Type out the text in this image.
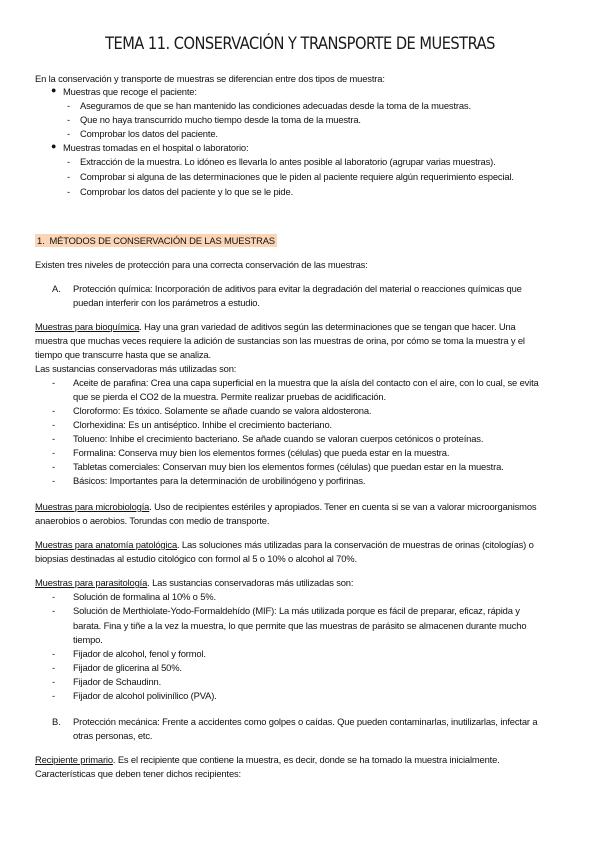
TEMA 11. CONSERVACIÓN Y TRANSPORTE DE MUESTRAS
En la conservación y transporte de muestras se diferencian entre dos tipos de muestra:
● Muestras que recoge el paciente:
- Aseguramos de que se han mantenido las condiciones adecuadas desde la toma de la muestras.
- Que no haya transcurrido mucho tiempo desde la toma de la muestra.
- Comprobar los datos del paciente.
● Muestras tomadas en el hospital o laboratorio:
- Extracción de la muestra. Lo idóneo es llevarla lo antes posible al laboratorio (agrupar varias muestras).
- Comprobar si alguna de las determinaciones que le piden al paciente requiere algún requerimiento especial.
- Comprobar los datos del paciente y lo que se le pide.
1. MÉTODOS DE CONSERVACIÓN DE LAS MUESTRAS
Existen tres niveles de protección para una correcta conservación de las muestras:
A. Protección química: Incorporación de aditivos para evitar la degradación del material o reacciones químicas que
puedan interferir con los parámetros a estudio.
Muestras para bioquímica. Hay una gran variedad de aditivos según las determinaciones que se tengan que hacer. Una
muestra que muchas veces requiere la adición de sustancias son las muestras de orina, por cómo se toma la muestra y el
tiempo que transcurre hasta que se analiza.
Las sustancias conservadoras más utilizadas son:
- Aceite de parafina: Crea una capa superficial en la muestra que la aísla del contacto con el aire, con lo cual, se evita
que se pierda el CO2 de la muestra. Permite realizar pruebas de acidificación.
- Cloroformo: Es tóxico. Solamente se añade cuando se valora aldosterona.
- Clorhexidina: Es un antiséptico. Inhibe el crecimiento bacteriano.
- Tolueno: Inhibe el crecimiento bacteriano. Se añade cuando se valoran cuerpos cetónicos o proteínas.
- Formalina: Conserva muy bien los elementos formes (células) que pueda estar en la muestra.
- Tabletas comerciales: Conservan muy bien los elementos formes (células) que puedan estar en la muestra.
- Básicos: Importantes para la determinación de urobilinógeno y porfirinas.
Muestras para microbiología. Uso de recipientes estériles y apropiados. Tener en cuenta si se van a valorar microorganismos
anaerobios o aerobios. Torundas con medio de transporte.
Muestras para anatomía patológica. Las soluciones más utilizadas para la conservación de muestras de orinas (citologías) o
biopsias destinadas al estudio citológico con formol al 5 o 10% o alcohol al 70%.
Muestras para parasitología. Las sustancias conservadoras más utilizadas son:
- Solución de formalina al 10% o 5%.
- Solución de Merthiolate-Yodo-Formaldehído (MIF): La más utilizada porque es fácil de preparar, eficaz, rápida y
barata. Fina y tiñe a la vez la muestra, lo que permite que las muestras de parásito se almacenen durante mucho
tiempo.
- Fijador de alcohol, fenol y formol.
- Fijador de glicerina al 50%.
- Fijador de Schaudinn.
- Fijador de alcohol polivinílico (PVA).
B. Protección mecánica: Frente a accidentes como golpes o caídas. Que pueden contaminarlas, inutilizarlas, infectar a
otras personas, etc.
Recipiente primario. Es el recipiente que contiene la muestra, es decir, donde se ha tomado la muestra inicialmente.
Características que deben tener dichos recipientes:
